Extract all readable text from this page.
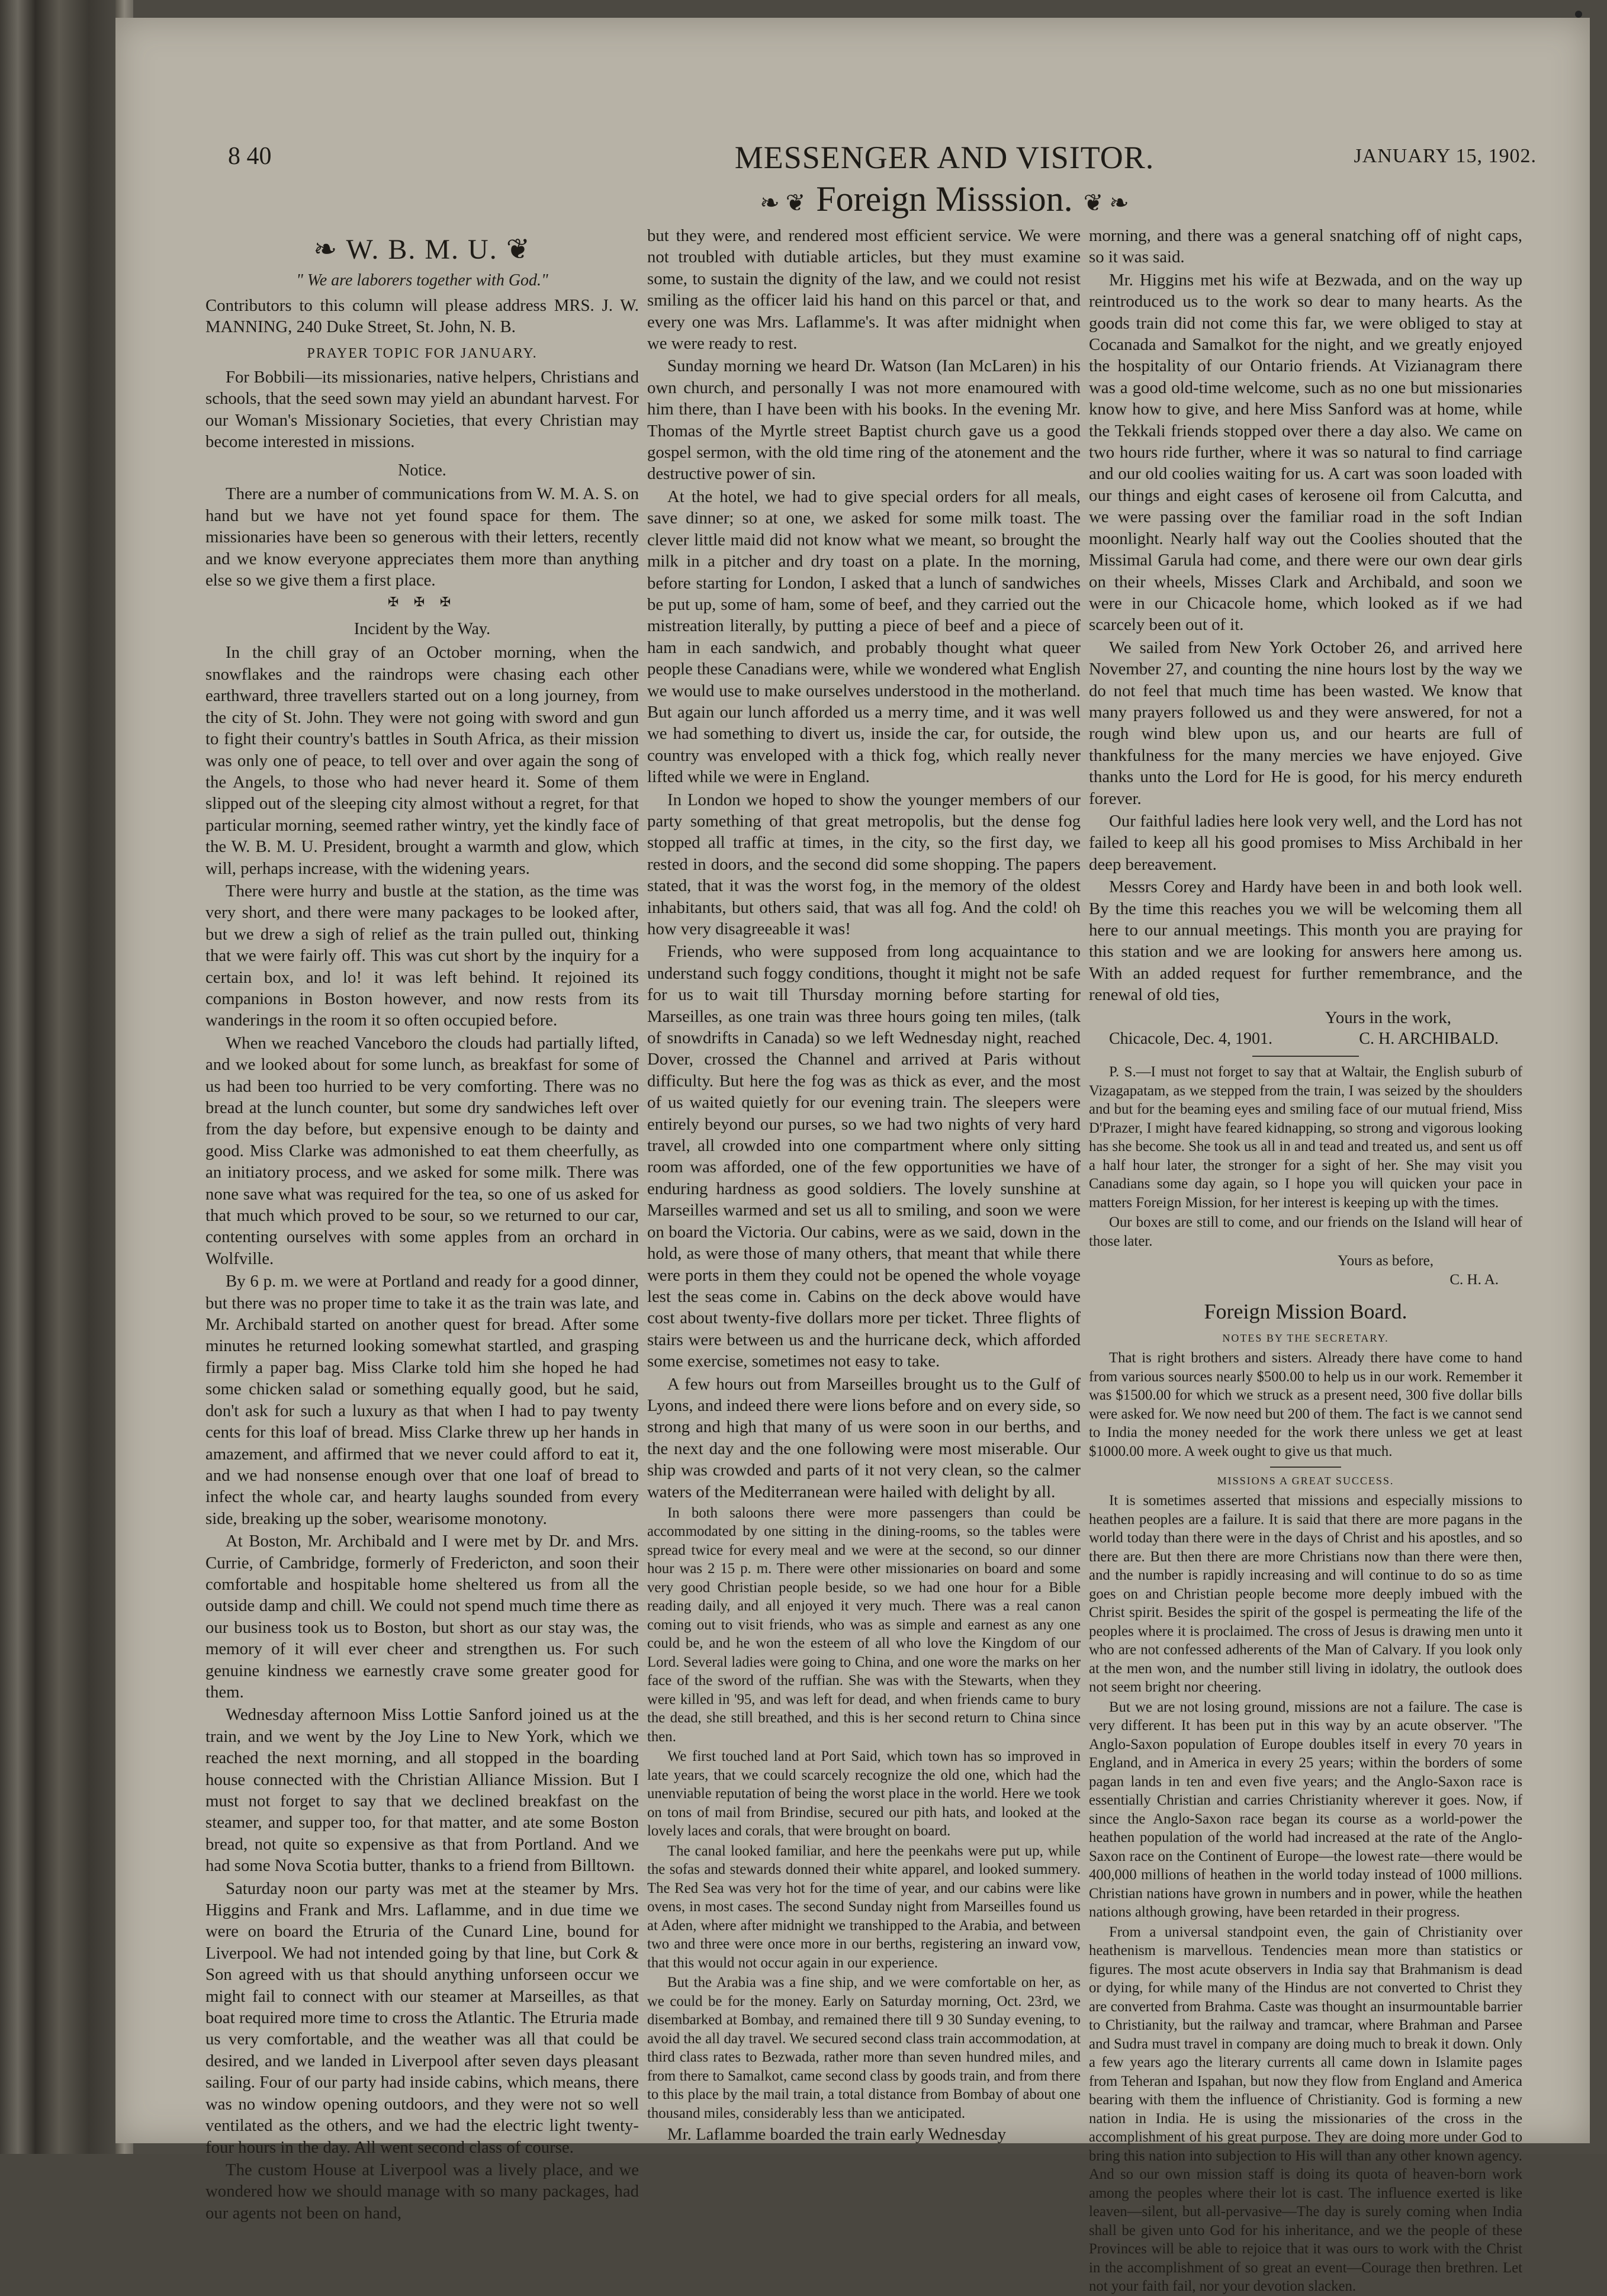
8 40	MESSENGER AND VISITOR.	JANUARY 15, 1902.
❧ ❦ Foreign Misssion. ❦ ❧
❧ W. B. M. U. ❦
" We are laborers together with God."

Contributors to this column will please address MRS. J. W. MANNING, 240 Duke Street, St. John, N. B.

PRAYER TOPIC FOR JANUARY.

For Bobbili—its missionaries, native helpers, Christians and schools, that the seed sown may yield an abundant harvest. For our Woman's Missionary Societies, that every Christian may become interested in missions.

Notice.

There are a number of communications from W. M. A. S. on hand but we have not yet found space for them. The missionaries have been so generous with their letters, recently and we know everyone appreciates them more than anything else so we give them a first place.

✠ ✠ ✠
Incident by the Way.

In the chill gray of an October morning, when the snowflakes and the raindrops were chasing each other earthward, three travellers started out on a long journey, from the city of St. John. They were not going with sword and gun to fight their country's battles in South Africa, as their mission was only one of peace, to tell over and over again the song of the Angels, to those who had never heard it. Some of them slipped out of the sleeping city almost without a regret, for that particular morning, seemed rather wintry, yet the kindly face of the W. B. M. U. President, brought a warmth and glow, which will, perhaps increase, with the widening years.

There were hurry and bustle at the station, as the time was very short, and there were many packages to be looked after, but we drew a sigh of relief as the train pulled out, thinking that we were fairly off. This was cut short by the inquiry for a certain box, and lo! it was left behind. It rejoined its companions in Boston however, and now rests from its wanderings in the room it so often occupied before.

When we reached Vanceboro the clouds had partially lifted, and we looked about for some lunch, as breakfast for some of us had been too hurried to be very comforting. There was no bread at the lunch counter, but some dry sandwiches left over from the day before, but expensive enough to be dainty and good. Miss Clarke was admonished to eat them cheerfully, as an initiatory process, and we asked for some milk. There was none save what was required for the tea, so one of us asked for that much which proved to be sour, so we returned to our car, contenting ourselves with some apples from an orchard in Wolfville.

By 6 p. m. we were at Portland and ready for a good dinner, but there was no proper time to take it as the train was late, and Mr. Archibald started on another quest for bread. After some minutes he returned looking somewhat startled, and grasping firmly a paper bag. Miss Clarke told him she hoped he had some chicken salad or something equally good, but he said, don't ask for such a luxury as that when I had to pay twenty cents for this loaf of bread. Miss Clarke threw up her hands in amazement, and affirmed that we never could afford to eat it, and we had nonsense enough over that one loaf of bread to infect the whole car, and hearty laughs sounded from every side, breaking up the sober, wearisome monotony.

At Boston, Mr. Archibald and I were met by Dr. and Mrs. Currie, of Cambridge, formerly of Fredericton, and soon their comfortable and hospitable home sheltered us from all the outside damp and chill. We could not spend much time there as our business took us to Boston, but short as our stay was, the memory of it will ever cheer and strengthen us. For such genuine kindness we earnestly crave some greater good for them.

Wednesday afternoon Miss Lottie Sanford joined us at the train, and we went by the Joy Line to New York, which we reached the next morning, and all stopped in the boarding house connected with the Christian Alliance Mission. But I must not forget to say that we declined breakfast on the steamer, and supper too, for that matter, and ate some Boston bread, not quite so expensive as that from Portland. And we had some Nova Scotia butter, thanks to a friend from Billtown.

Saturday noon our party was met at the steamer by Mrs. Higgins and Frank and Mrs. Laflamme, and in due time we were on board the Etruria of the Cunard Line, bound for Liverpool. We had not intended going by that line, but Cork & Son agreed with us that should anything unforseen occur we might fail to connect with our steamer at Marseilles, as that boat required more time to cross the Atlantic. The Etruria made us very comfortable, and the weather was all that could be desired, and we landed in Liverpool after seven days pleasant sailing. Four of our party had inside cabins, which means, there was no window opening outdoors, and they were not so well ventilated as the others, and we had the electric light twenty-four hours in the day. All went second class of course.

The custom House at Liverpool was a lively place, and we wondered how we should manage with so many packages, had our agents not been on hand,

but they were, and rendered most efficient service. We were not troubled with dutiable articles, but they must examine some, to sustain the dignity of the law, and we could not resist smiling as the officer laid his hand on this parcel or that, and every one was Mrs. Laflamme's. It was after midnight when we were ready to rest.

Sunday morning we heard Dr. Watson (Ian McLaren) in his own church, and personally I was not more enamoured with him there, than I have been with his books. In the evening Mr. Thomas of the Myrtle street Baptist church gave us a good gospel sermon, with the old time ring of the atonement and the destructive power of sin.

At the hotel, we had to give special orders for all meals, save dinner; so at one, we asked for some milk toast. The clever little maid did not know what we meant, so brought the milk in a pitcher and dry toast on a plate. In the morning, before starting for London, I asked that a lunch of sandwiches be put up, some of ham, some of beef, and they carried out the mistreation literally, by putting a piece of beef and a piece of ham in each sandwich, and probably thought what queer people these Canadians were, while we wondered what English we would use to make ourselves understood in the motherland. But again our lunch afforded us a merry time, and it was well we had something to divert us, inside the car, for outside, the country was enveloped with a thick fog, which really never lifted while we were in England.

In London we hoped to show the younger members of our party something of that great metropolis, but the dense fog stopped all traffic at times, in the city, so the first day, we rested in doors, and the second did some shopping. The papers stated, that it was the worst fog, in the memory of the oldest inhabitants, but others said, that was all fog. And the cold! oh how very disagreeable it was!

Friends, who were supposed from long acquaintance to understand such foggy conditions, thought it might not be safe for us to wait till Thursday morning before starting for Marseilles, as one train was three hours going ten miles, (talk of snowdrifts in Canada) so we left Wednesday night, reached Dover, crossed the Channel and arrived at Paris without difficulty. But here the fog was as thick as ever, and the most of us waited quietly for our evening train. The sleepers were entirely beyond our purses, so we had two nights of very hard travel, all crowded into one compartment where only sitting room was afforded, one of the few opportunities we have of enduring hardness as good soldiers. The lovely sunshine at Marseilles warmed and set us all to smiling, and soon we were on board the Victoria. Our cabins, were as we said, down in the hold, as were those of many others, that meant that while there were ports in them they could not be opened the whole voyage lest the seas come in. Cabins on the deck above would have cost about twenty-five dollars more per ticket. Three flights of stairs were between us and the hurricane deck, which afforded some exercise, sometimes not easy to take.

A few hours out from Marseilles brought us to the Gulf of Lyons, and indeed there were lions before and on every side, so strong and high that many of us were soon in our berths, and the next day and the one following were most miserable. Our ship was crowded and parts of it not very clean, so the calmer waters of the Mediterranean were hailed with delight by all.

In both saloons there were more passengers than could be accommodated by one sitting in the dining-rooms, so the tables were spread twice for every meal and we were at the second, so our dinner hour was 2 15 p. m. There were other missionaries on board and some very good Christian people beside, so we had one hour for a Bible reading daily, and all enjoyed it very much. There was a real canon coming out to visit friends, who was as simple and earnest as any one could be, and he won the esteem of all who love the Kingdom of our Lord. Several ladies were going to China, and one wore the marks on her face of the sword of the ruffian. She was with the Stewarts, when they were killed in '95, and was left for dead, and when friends came to bury the dead, she still breathed, and this is her second return to China since then.

We first touched land at Port Said, which town has so improved in late years, that we could scarcely recognize the old one, which had the unenviable reputation of being the worst place in the world. Here we took on tons of mail from Brindise, secured our pith hats, and looked at the lovely laces and corals, that were brought on board.

The canal looked familiar, and here the peenkahs were put up, while the sofas and stewards donned their white apparel, and looked summery. The Red Sea was very hot for the time of year, and our cabins were like ovens, in most cases. The second Sunday night from Marseilles found us at Aden, where after midnight we transhipped to the Arabia, and between two and three were once more in our berths, registering an inward vow, that this would not occur again in our experience.

But the Arabia was a fine ship, and we were comfortable on her, as we could be for the money. Early on Saturday morning, Oct. 23rd, we disembarked at Bombay, and remained there till 9 30 Sunday evening, to avoid the all day travel. We secured second class train accommodation, at third class rates to Bezwada, rather more than seven hundred miles, and from there to Samalkot, came second class by goods train, and from there to this place by the mail train, a total distance from Bombay of about one thousand miles, considerably less than we anticipated.

Mr. Laflamme boarded the train early Wednesday

morning, and there was a general snatching off of night caps, so it was said.

Mr. Higgins met his wife at Bezwada, and on the way up reintroduced us to the work so dear to many hearts. As the goods train did not come this far, we were obliged to stay at Cocanada and Samalkot for the night, and we greatly enjoyed the hospitality of our Ontario friends. At Vizianagram there was a good old-time welcome, such as no one but missionaries know how to give, and here Miss Sanford was at home, while the Tekkali friends stopped over there a day also. We came on two hours ride further, where it was so natural to find carriage and our old coolies waiting for us. A cart was soon loaded with our things and eight cases of kerosene oil from Calcutta, and we were passing over the familiar road in the soft Indian moonlight. Nearly half way out the Coolies shouted that the Missimal Garula had come, and there were our own dear girls on their wheels, Misses Clark and Archibald, and soon we were in our Chicacole home, which looked as if we had scarcely been out of it.

We sailed from New York October 26, and arrived here November 27, and counting the nine hours lost by the way we do not feel that much time has been wasted. We know that many prayers followed us and they were answered, for not a rough wind blew upon us, and our hearts are full of thankfulness for the many mercies we have enjoyed. Give thanks unto the Lord for He is good, for his mercy endureth forever.

Our faithful ladies here look very well, and the Lord has not failed to keep all his good promises to Miss Archibald in her deep bereavement.

Messrs Corey and Hardy have been in and both look well. By the time this reaches you we will be welcoming them all here to our annual meetings. This month you are praying for this station and we are looking for answers here among us. With an added request for further remembrance, and the renewal of old ties,

Yours in the work,
Chicacole, Dec. 4, 1901.	C. H. ARCHIBALD.

P. S.—I must not forget to say that at Waltair, the English suburb of Vizagapatam, as we stepped from the train, I was seized by the shoulders and but for the beaming eyes and smiling face of our mutual friend, Miss D'Prazer, I might have feared kidnapping, so strong and vigorous looking has she become. She took us all in and tead and treated us, and sent us off a half hour later, the stronger for a sight of her. She may visit you Canadians some day again, so I hope you will quicken your pace in matters Foreign Mission, for her interest is keeping up with the times.

Our boxes are still to come, and our friends on the Island will hear of those later.

Yours as before,
C. H. A.
Foreign Mission Board.
NOTES BY THE SECRETARY.

That is right brothers and sisters. Already there have come to hand from various sources nearly $500.00 to help us in our work. Remember it was $1500.00 for which we struck as a present need, 300 five dollar bills were asked for. We now need but 200 of them. The fact is we cannot send to India the money needed for the work there unless we get at least $1000.00 more. A week ought to give us that much.

MISSIONS A GREAT SUCCESS.

It is sometimes asserted that missions and especially missions to heathen peoples are a failure. It is said that there are more pagans in the world today than there were in the days of Christ and his apostles, and so there are. But then there are more Christians now than there were then, and the number is rapidly increasing and will continue to do so as time goes on and Christian people become more deeply imbued with the Christ spirit. Besides the spirit of the gospel is permeating the life of the peoples where it is proclaimed. The cross of Jesus is drawing men unto it who are not confessed adherents of the Man of Calvary. If you look only at the men won, and the number still living in idolatry, the outlook does not seem bright nor cheering.

But we are not losing ground, missions are not a failure. The case is very different. It has been put in this way by an acute observer. "The Anglo-Saxon population of Europe doubles itself in every 70 years in England, and in America in every 25 years; within the borders of some pagan lands in ten and even five years; and the Anglo-Saxon race is essentially Christian and carries Christianity wherever it goes. Now, if since the Anglo-Saxon race began its course as a world-power the heathen population of the world had increased at the rate of the Anglo-Saxon race on the Continent of Europe—the lowest rate—there would be 400,000 millions of heathen in the world today instead of 1000 millions. Christian nations have grown in numbers and in power, while the heathen nations although growing, have been retarded in their progress.

From a universal standpoint even, the gain of Christianity over heathenism is marvellous. Tendencies mean more than statistics or figures. The most acute observers in India say that Brahmanism is dead or dying, for while many of the Hindus are not converted to Christ they are converted from Brahma. Caste was thought an insurmountable barrier to Christianity, but the railway and tramcar, where Brahman and Parsee and Sudra must travel in company are doing much to break it down. Only a few years ago the literary currents all came down in Islamite pages from Teheran and Ispahan, but now they flow from England and America bearing with them the influence of Christianity. God is forming a new nation in India. He is using the missionaries of the cross in the accomplishment of his great purpose. They are doing more under God to bring this nation into subjection to His will than any other known agency. And so our own mission staff is doing its quota of heaven-born work among the peoples where their lot is cast. The influence exerted is like leaven—silent, but all-pervasive—The day is surely coming when India shall be given unto God for his inheritance, and we the people of these Provinces will be able to rejoice that it was ours to work with the Christ in the accomplishment of so great an event—Courage then brethren. Let not your faith fail, nor your devotion slacken.
